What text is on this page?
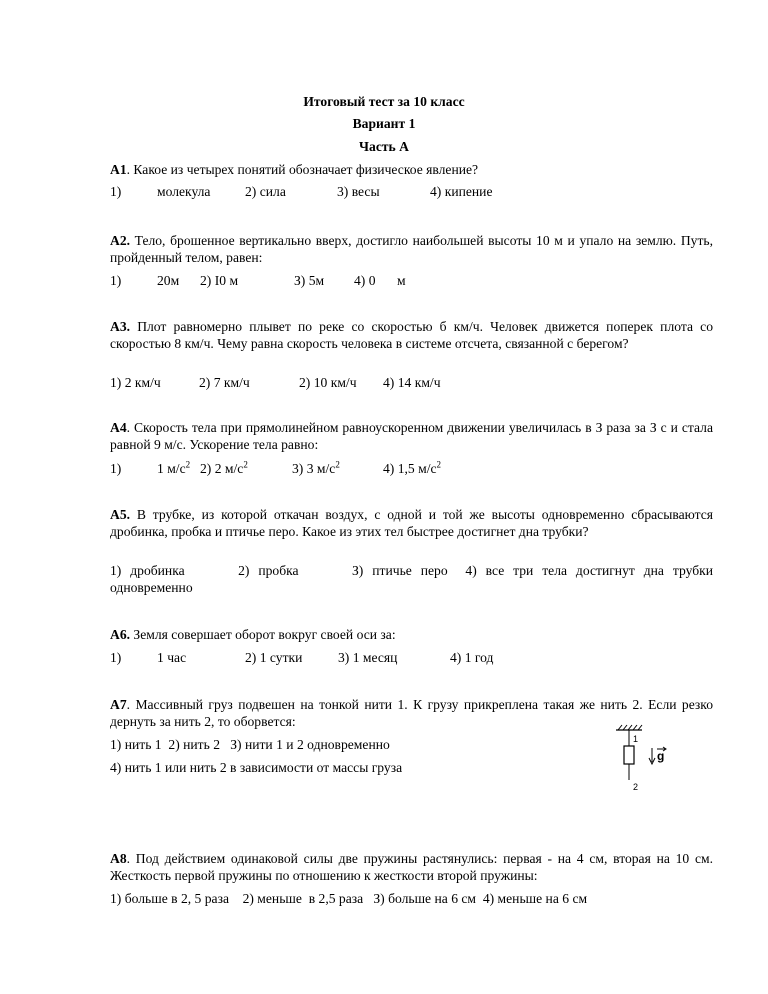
Итоговый тест за 10 класс
Вариант 1
Часть А
А1. Какое из четырех понятий обозначает физическое явление?
1)	молекула	2) сила	3) весы	4) кипение
А2. Тело, брошенное вертикально вверх, достигло наибольшей высоты 10 м и упало на землю. Путь, пройденный телом, равен:
1)	20м 2) I0 м	З) 5м 4) 0 м
А3. Плот равномерно плывет по реке со скоростью б км/ч. Человек движется поперек плота со скоростью 8 км/ч. Чему равна скорость человека в системе отсчета, связанной с берегом?
1) 2 км/ч	2) 7 км/ч	2) 10 км/ч 4) 14 км/ч
А4. Скорость тела при прямолинейном равноускоренном движении увеличилась в З раза за З с и стала равной 9 м/с. Ускорение тела равно:
1)	1 $м/с^2$ 2) 2 $м/с^2$	3) 3 $м/с^2$	4) 1,5 $м/с^2$
А5. В трубке, из которой откачан воздух, с одной и той же высоты одновременно сбрасываются дробинка, пробка и птичье перо. Какое из этих тел быстрее достигнет дна трубки?
1) дробинка      2) пробка      З) птичье перо  4) все три тела достигнут дна трубки
одновременно
А6. Земля совершает оборот вокруг своей оси за:
1)	1 час	2) 1 сутки	3) 1 месяц	4) 1 год
А7. Массивный груз подвешен на тонкой нити 1. К грузу прикреплена такая же нить 2. Если резко дернуть за нить 2, то оборвется:
1) нить 1  2) нить 2   З) нити 1 и 2 одновременно
4) нить 1 или нить 2 в зависимости от массы груза
1
2
g
А8. Под действием одинаковой силы две пружины растянулись: первая - на 4 см, вторая на 10 см. Жесткость первой пружины по отношению к жесткости второй пружины:
1) больше в 2, 5 раза    2) меньше  в 2,5 раза   З) больше на 6 см  4) меньше на 6 см
